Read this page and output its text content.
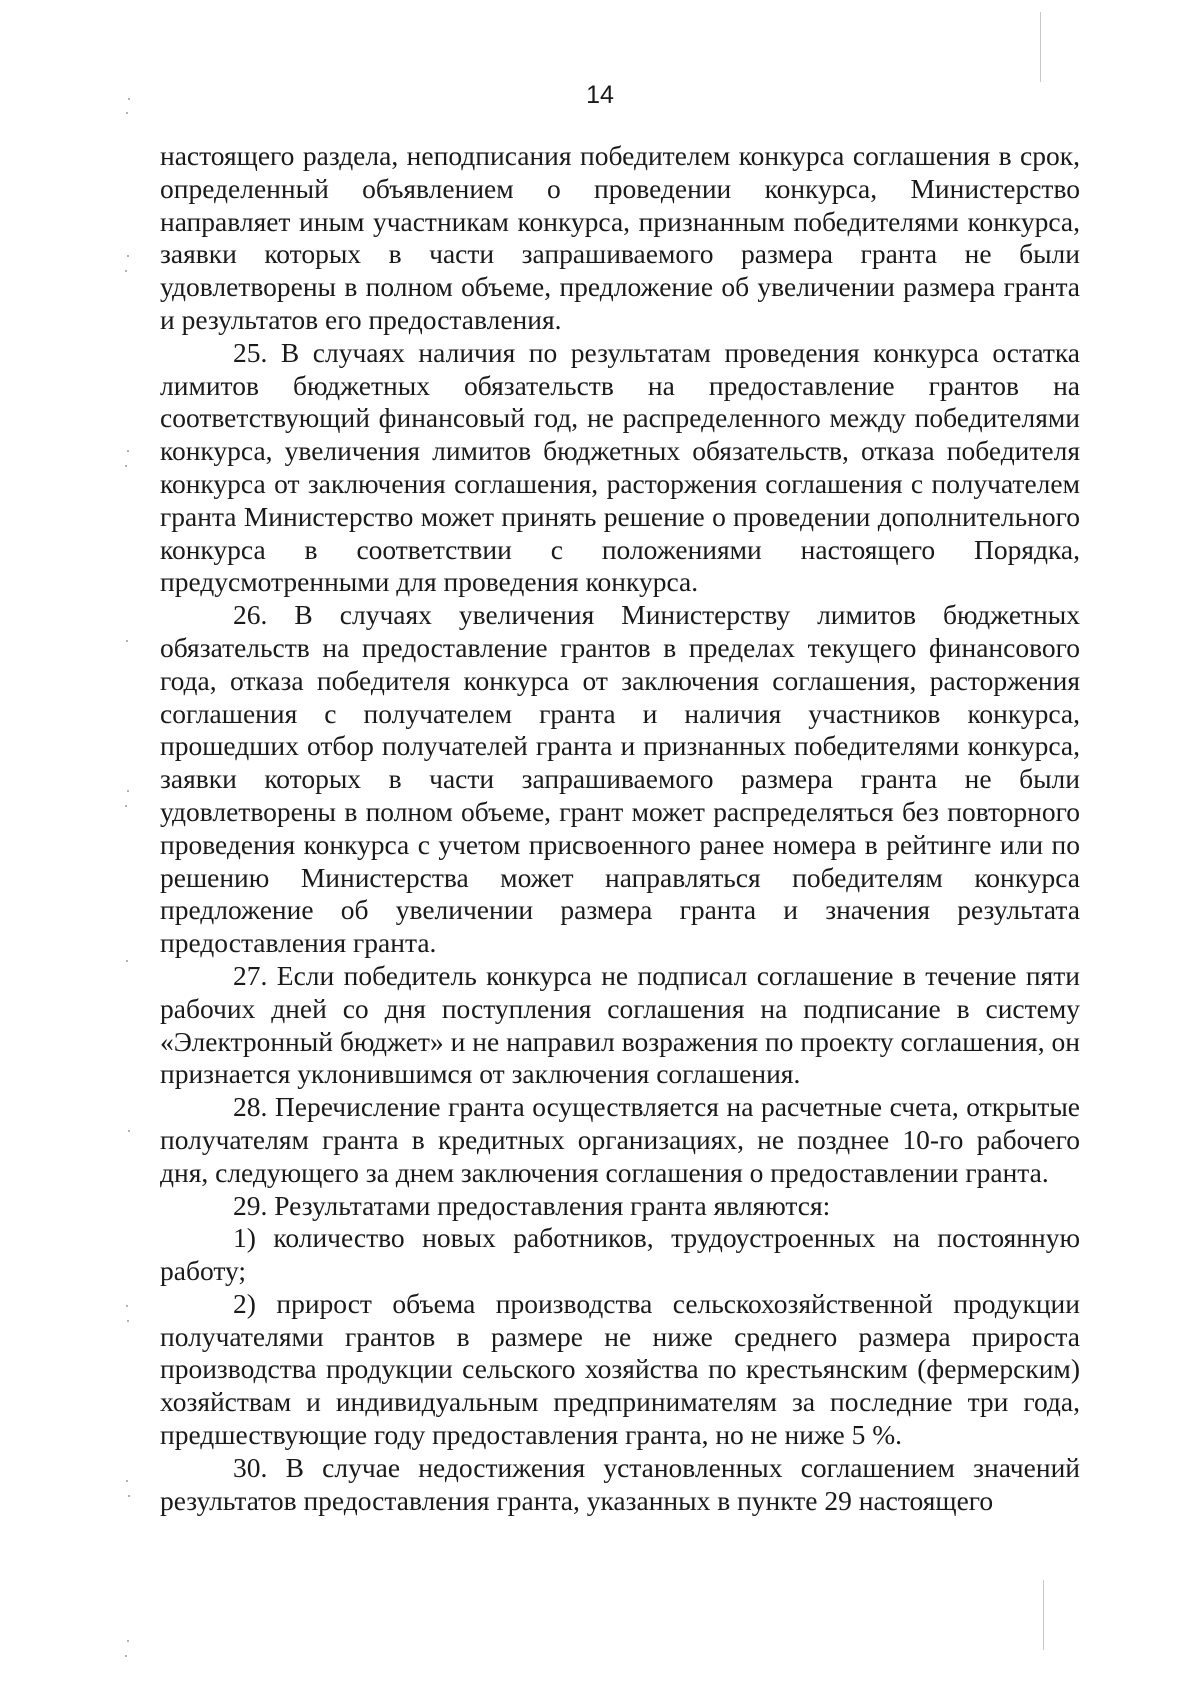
14

настоящего раздела, неподписания победителем конкурса соглашения в срок, определенный объявлением о проведении конкурса, Министерство направляет иным участникам конкурса, признанным победителями конкурса, заявки которых в части запрашиваемого размера гранта не были удовлетворены в полном объеме, предложение об увеличении размера гранта и результатов его предоставления.

25. В случаях наличия по результатам проведения конкурса остатка лимитов бюджетных обязательств на предоставление грантов на соответствующий финансовый год, не распределенного между победителями конкурса, увеличения лимитов бюджетных обязательств, отказа победителя конкурса от заключения соглашения, расторжения соглашения с получателем гранта Министерство может принять решение о проведении дополнительного конкурса в соответствии с положениями настоящего Порядка, предусмотренными для проведения конкурса.

26. В случаях увеличения Министерству лимитов бюджетных обязательств на предоставление грантов в пределах текущего финансового года, отказа победителя конкурса от заключения соглашения, расторжения соглашения с получателем гранта и наличия участников конкурса, прошедших отбор получателей гранта и признанных победителями конкурса, заявки которых в части запрашиваемого размера гранта не были удовлетворены в полном объеме, грант может распределяться без повторного проведения конкурса с учетом присвоенного ранее номера в рейтинге или по решению Министерства может направляться победителям конкурса предложение об увеличении размера гранта и значения результата предоставления гранта.

27. Если победитель конкурса не подписал соглашение в течение пяти рабочих дней со дня поступления соглашения на подписание в систему «Электронный бюджет» и не направил возражения по проекту соглашения, он признается уклонившимся от заключения соглашения.

28. Перечисление гранта осуществляется на расчетные счета, открытые получателям гранта в кредитных организациях, не позднее 10-го рабочего дня, следующего за днем заключения соглашения о предоставлении гранта.

29. Результатами предоставления гранта являются:

1) количество новых работников, трудоустроенных на постоянную работу;

2) прирост объема производства сельскохозяйственной продукции получателями грантов в размере не ниже среднего размера прироста производства продукции сельского хозяйства по крестьянским (фермерским) хозяйствам и индивидуальным предпринимателям за последние три года, предшествующие году предоставления гранта, но не ниже 5 %.

30. В случае недостижения установленных соглашением значений результатов предоставления гранта, указанных в пункте 29 настоящего
